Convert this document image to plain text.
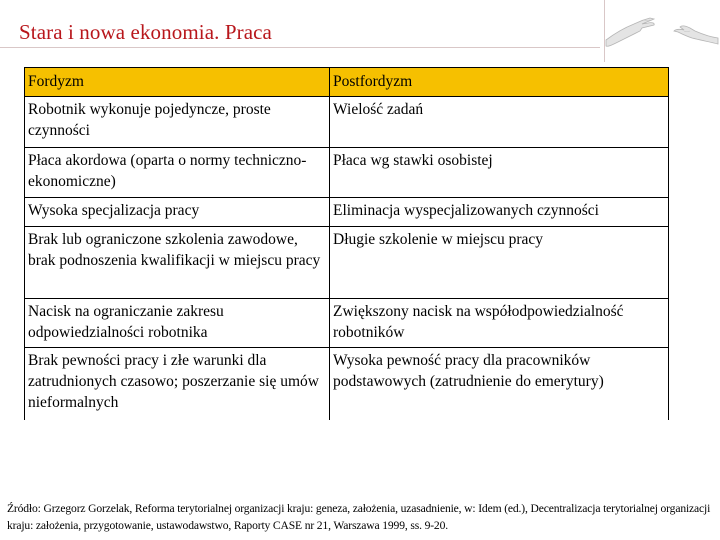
Stara i nowa ekonomia. Praca
Fordyzm	Postfordyzm
Robotnik wykonuje pojedyncze, proste czynności	Wielość zadań
Płaca akordowa (oparta o normy techniczno-ekonomiczne)	Płaca wg stawki osobistej
Wysoka specjalizacja pracy	Eliminacja wyspecjalizowanych czynności
Brak lub ograniczone szkolenia zawodowe, brak podnoszenia kwalifikacji w miejscu pracy	Długie szkolenie w miejscu pracy
Nacisk na ograniczanie zakresu odpowiedzialności robotnika	Zwiększony nacisk na współodpowiedzialność robotników
Brak pewności pracy i złe warunki dla zatrudnionych czasowo; poszerzanie się umów nieformalnych	Wysoka pewność pracy dla pracowników podstawowych (zatrudnienie do emerytury)
Źródło: Grzegorz Gorzelak, Reforma terytorialnej organizacji kraju: geneza, założenia, uzasadnienie, w: Idem (ed.), Decentralizacja terytorialnej organizacji kraju: założenia, przygotowanie, ustawodawstwo, Raporty CASE nr 21, Warszawa 1999, ss. 9-20.
